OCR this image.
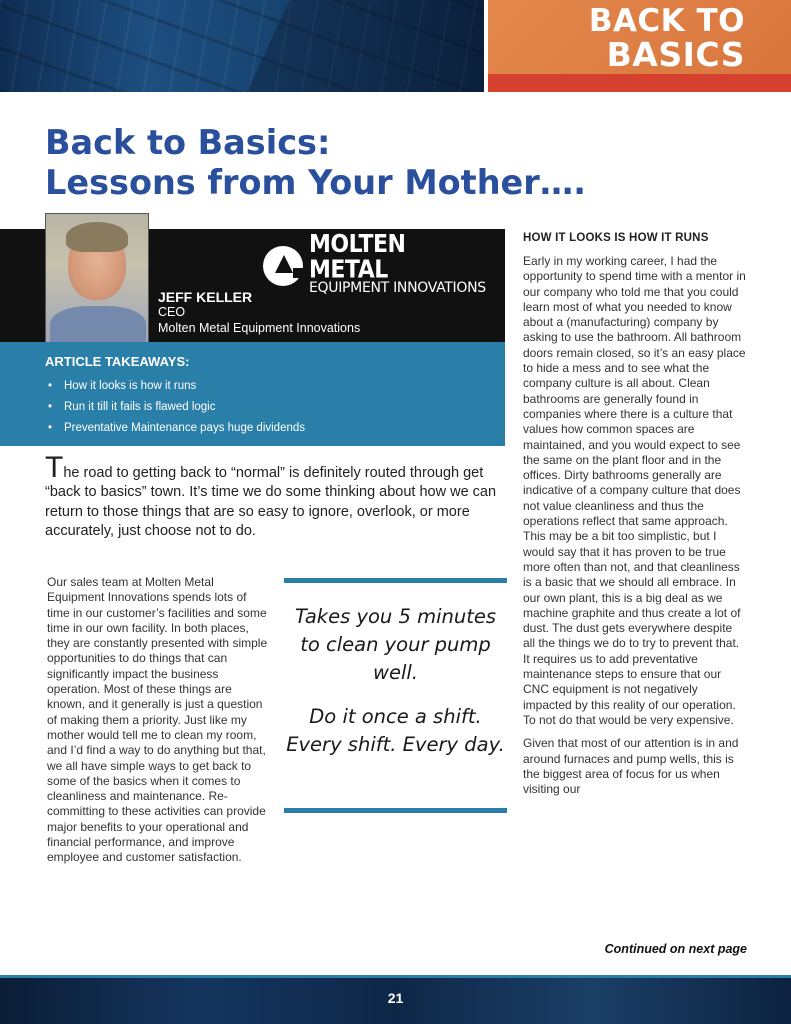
BACK TO
BASICS
Back to Basics:
Lessons from Your Mother….
MOLTEN METAL
EQUIPMENT INNOVATIONS
JEFF KELLER
CEO
Molten Metal Equipment Innovations
ARTICLE TAKEAWAYS:
• How it looks is how it runs
• Run it till it fails is flawed logic
• Preventative Maintenance pays huge dividends

The road to getting back to “normal” is definitely routed through get “back to basics” town. It’s time we do some thinking about how we can return to those things that are so easy to ignore, overlook, or more accurately, just choose not to do.

Our sales team at Molten Metal Equipment Innovations spends lots of time in our customer’s facilities and some time in our own facility. In both places, they are constantly presented with simple opportunities to do things that can significantly impact the business operation. Most of these things are known, and it generally is just a question of making them a priority. Just like my mother would tell me to clean my room, and I’d find a way to do anything but that, we all have simple ways to get back to some of the basics when it comes to cleanliness and maintenance. Re-committing to these activities can provide major benefits to your operational and financial performance, and improve employee and customer satisfaction.

Takes you 5 minutes to clean your pump well.

Do it once a shift. Every shift. Every day.

HOW IT LOOKS IS HOW IT RUNS

Early in my working career, I had the opportunity to spend time with a mentor in our company who told me that you could learn most of what you needed to know about a (manufacturing) company by asking to use the bathroom. All bathroom doors remain closed, so it’s an easy place to hide a mess and to see what the company culture is all about. Clean bathrooms are generally found in companies where there is a culture that values how common spaces are maintained, and you would expect to see the same on the plant floor and in the offices. Dirty bathrooms generally are indicative of a company culture that does not value cleanliness and thus the operations reflect that same approach. This may be a bit too simplistic, but I would say that it has proven to be true more often than not, and that cleanliness is a basic that we should all embrace. In our own plant, this is a big deal as we machine graphite and thus create a lot of dust. The dust gets everywhere despite all the things we do to try to prevent that. It requires us to add preventative maintenance steps to ensure that our CNC equipment is not negatively impacted by this reality of our operation. To not do that would be very expensive.

Given that most of our attention is in and around furnaces and pump wells, this is the biggest area of focus for us when visiting our

Continued on next page
21
